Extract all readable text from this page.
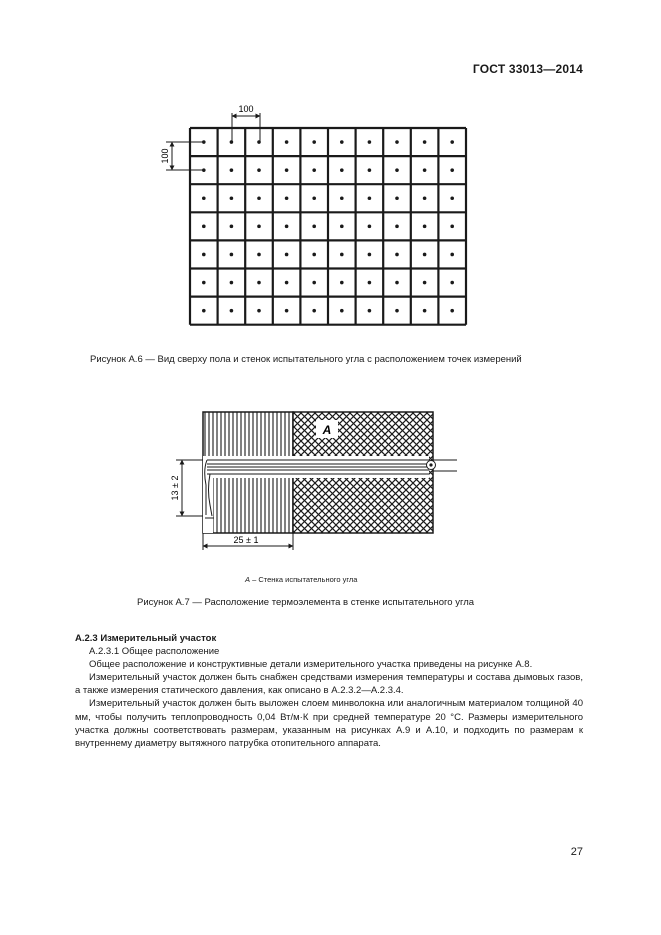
ГОСТ 33013—2014
100
100
Рисунок А.6 — Вид сверху пола и стенок испытательного угла с расположением точек измерений
А
13 ± 2
25 ± 1
А – Стенка испытательного угла
Рисунок А.7 — Расположение термоэлемента в стенке испытательного угла

А.2.3 Измерительный участок

А.2.3.1 Общее расположение

Общее расположение и конструктивные детали измерительного участка приведены на рисунке А.8.

Измерительный участок должен быть снабжен средствами измерения температуры и состава дымовых газов, а также измерения статического давления, как описано в А.2.3.2—А.2.3.4.

Измерительный участок должен быть выложен слоем минволокна или аналогичным материалом толщиной 40 мм, чтобы получить теплопроводность 0,04 Вт/м·К при средней температуре 20 °С. Размеры измерительного участка должны соответствовать размерам, указанным на рисунках А.9 и А.10, и подходить по размерам к внутреннему диаметру вытяжного патрубка отопительного аппарата.

27
